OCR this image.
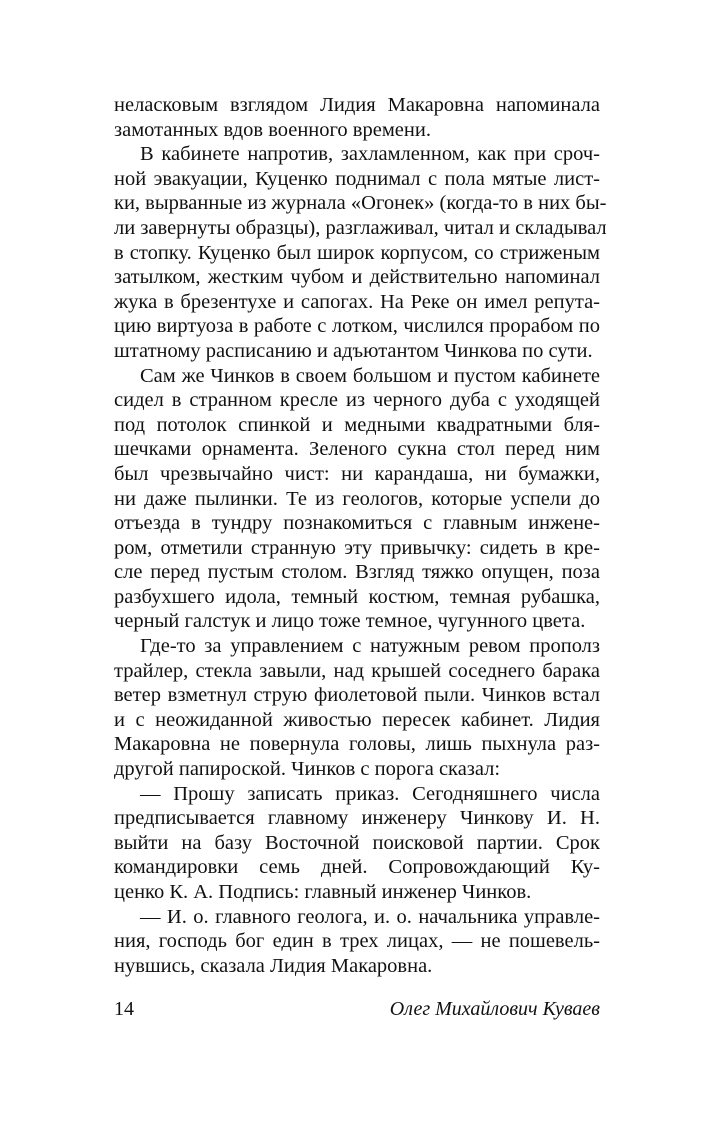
неласковым взглядом Лидия Макаровна напоминала
замотанных вдов военного времени.
В кабинете напротив, захламленном, как при сроч-
ной эвакуации, Куценко поднимал с пола мятые лист-
ки, вырванные из журнала «Огонек» (когда-то в них бы-
ли завернуты образцы), разглаживал, читал и складывал
в стопку. Куценко был широк корпусом, со стриженым
затылком, жестким чубом и действительно напоминал
жука в брезентухе и сапогах. На Реке он имел репута-
цию виртуоза в работе с лотком, числился прорабом по
штатному расписанию и адъютантом Чинкова по сути.
Сам же Чинков в своем большом и пустом кабинете
сидел в странном кресле из черного дуба с уходящей
под потолок спинкой и медными квадратными бля-
шечками орнамента. Зеленого сукна стол перед ним
был чрезвычайно чист: ни карандаша, ни бумажки,
ни даже пылинки. Те из геологов, которые успели до
отъезда в тундру познакомиться с главным инжене-
ром, отметили странную эту привычку: сидеть в кре-
сле перед пустым столом. Взгляд тяжко опущен, поза
разбухшего идола, темный костюм, темная рубашка,
черный галстук и лицо тоже темное, чугунного цвета.
Где-то за управлением с натужным ревом прополз
трайлер, стекла завыли, над крышей соседнего барака
ветер взметнул струю фиолетовой пыли. Чинков встал
и с неожиданной живостью пересек кабинет. Лидия
Макаровна не повернула головы, лишь пыхнула раз-
другой папироской. Чинков с порога сказал:
— Прошу записать приказ. Сегодняшнего числа
предписывается главному инженеру Чинкову И. Н.
выйти на базу Восточной поисковой партии. Срок
командировки семь дней. Сопровождающий Ку-
ценко К. А. Подпись: главный инженер Чинков.
— И. о. главного геолога, и. о. начальника управле-
ния, господь бог един в трех лицах, — не пошевель-
нувшись, сказала Лидия Макаровна.
14	Олег Михайлович Куваев
